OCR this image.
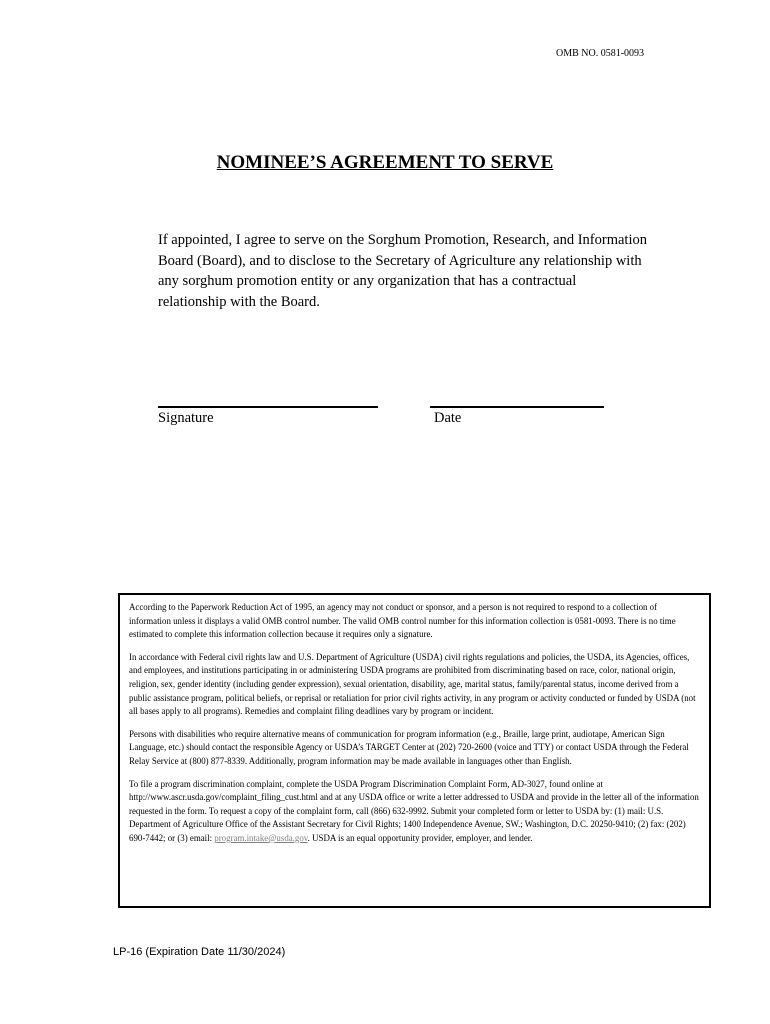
OMB NO. 0581-0093
NOMINEE’S AGREEMENT TO SERVE
If appointed, I agree to serve on the Sorghum Promotion, Research, and Information Board (Board), and to disclose to the Secretary of Agriculture any relationship with any sorghum promotion entity or any organization that has a contractual relationship with the Board.
Signature	Date

According to the Paperwork Reduction Act of 1995, an agency may not conduct or sponsor, and a person is not required to respond to a collection of information unless it displays a valid OMB control number. The valid OMB control number for this information collection is 0581-0093. There is no time estimated to complete this information collection because it requires only a signature.

In accordance with Federal civil rights law and U.S. Department of Agriculture (USDA) civil rights regulations and policies, the USDA, its Agencies, offices, and employees, and institutions participating in or administering USDA programs are prohibited from discriminating based on race, color, national origin, religion, sex, gender identity (including gender expression), sexual orientation, disability, age, marital status, family/parental status, income derived from a public assistance program, political beliefs, or reprisal or retaliation for prior civil rights activity, in any program or activity conducted or funded by USDA (not all bases apply to all programs). Remedies and complaint filing deadlines vary by program or incident.

Persons with disabilities who require alternative means of communication for program information (e.g., Braille, large print, audiotape, American Sign Language, etc.) should contact the responsible Agency or USDA’s TARGET Center at (202) 720-2600 (voice and TTY) or contact USDA through the Federal Relay Service at (800) 877-8339. Additionally, program information may be made available in languages other than English.

To file a program discrimination complaint, complete the USDA Program Discrimination Complaint Form, AD-3027, found online at http://www.ascr.usda.gov/complaint_filing_cust.html and at any USDA office or write a letter addressed to USDA and provide in the letter all of the information requested in the form. To request a copy of the complaint form, call (866) 632-9992. Submit your completed form or letter to USDA by: (1) mail: U.S. Department of Agriculture Office of the Assistant Secretary for Civil Rights; 1400 Independence Avenue, SW.; Washington, D.C. 20250-9410; (2) fax: (202) 690-7442; or (3) email: program.intake@usda.gov. USDA is an equal opportunity provider, employer, and lender.

LP-16 (Expiration Date 11/30/2024)
